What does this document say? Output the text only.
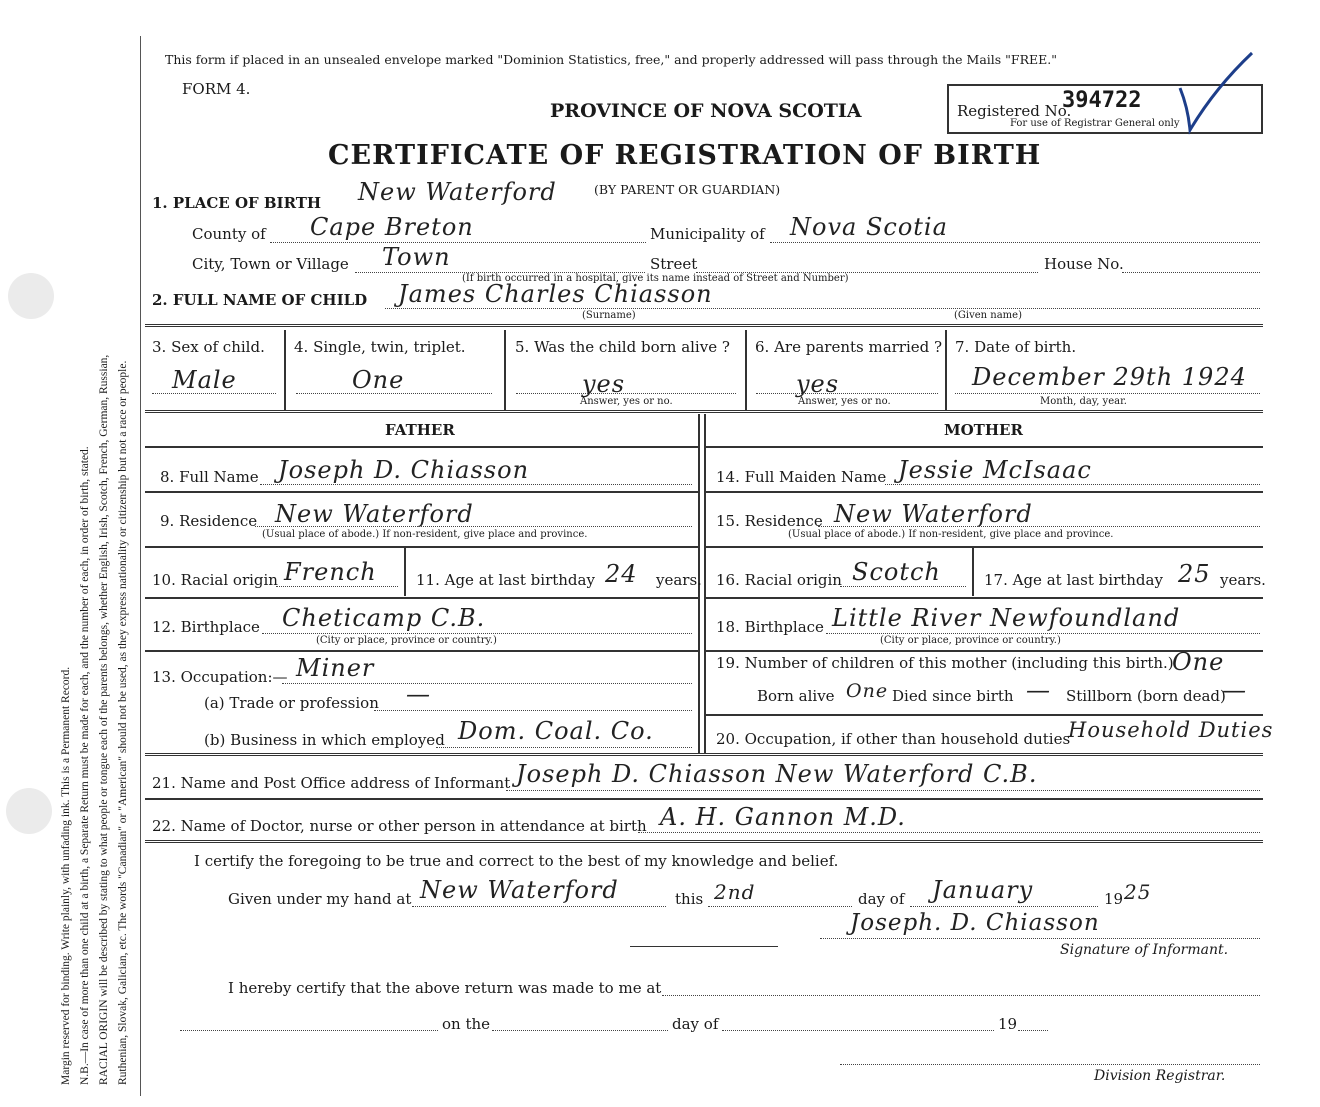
Margin reserved for binding. Write plainly, with unfading ink. This is a Permanent Record. N.B.—In case of more than one child at a birth, a Separate Return must be made for each, and the number of each, in order of birth, stated. RACIAL ORIGIN will be described by stating to what people or tongue each of the parents belongs, whether English, Irish, Scotch, French, German, Russian, Ruthenian, Slovak, Galician, etc. The words "Canadian" or "American" should not be used, as they express nationality or citizenship but not a race or people.
This form if placed in an unsealed envelope marked "Dominion Statistics, free," and properly addressed will pass through the Mails "FREE."
FORM 4.
PROVINCE OF NOVA SCOTIA
CERTIFICATE OF REGISTRATION OF BIRTH
(BY PARENT OR GUARDIAN)
Registered No.
394722
For use of Registrar General only
1. PLACE OF BIRTH New Waterford
County of Cape Breton	Municipality of Nova Scotia
City, Town or Village Town	Street	House No.
(If birth occurred in a hospital, give its name instead of Street and Number)
2. FULL NAME OF CHILD James Charles Chiasson
(Surname)	(Given name)
3. Sex of child.
Male
4. Single, twin, triplet.
One
5. Was the child born alive ?
yes
Answer, yes or no.
6. Are parents married ?
yes
Answer, yes or no.
7. Date of birth.
December 29th 1924
Month, day, year.
FATHER	MOTHER
8. Full Name Joseph D. Chiasson	14. Full Maiden Name Jessie McIsaac
9. Residence New Waterford
(Usual place of abode.) If non-resident, give place and province.
15. Residence New Waterford
(Usual place of abode.) If non-resident, give place and province.
10. Racial origin French	11. Age at last birthday 24 years. 16. Racial origin Scotch	17. Age at last birthday 25 years.
12. Birthplace Cheticamp C.B.
(City or place, province or country.)
18. Birthplace Little River Newfoundland
(City or place, province or country.)
13. Occupation:— Miner
(a) Trade or profession —
(b) Business in which employed Dom. Coal. Co.
19. Number of children of this mother (including this birth.)
One
Born alive One Died since birth — Stillborn (born dead)
—
20. Occupation, if other than household duties
Household Duties
21. Name and Post Office address of Informant Joseph D. Chiasson New Waterford C.B.
22. Name of Doctor, nurse or other person in attendance at birth A. H. Gannon M.D.
I certify the foregoing to be true and correct to the best of my knowledge and belief.
Given under my hand at New Waterford	this 2nd	day of January	19 25
Joseph. D. Chiasson
Signature of Informant.
I hereby certify that the above return was made to me at
on the	day of	19
Division Registrar.
